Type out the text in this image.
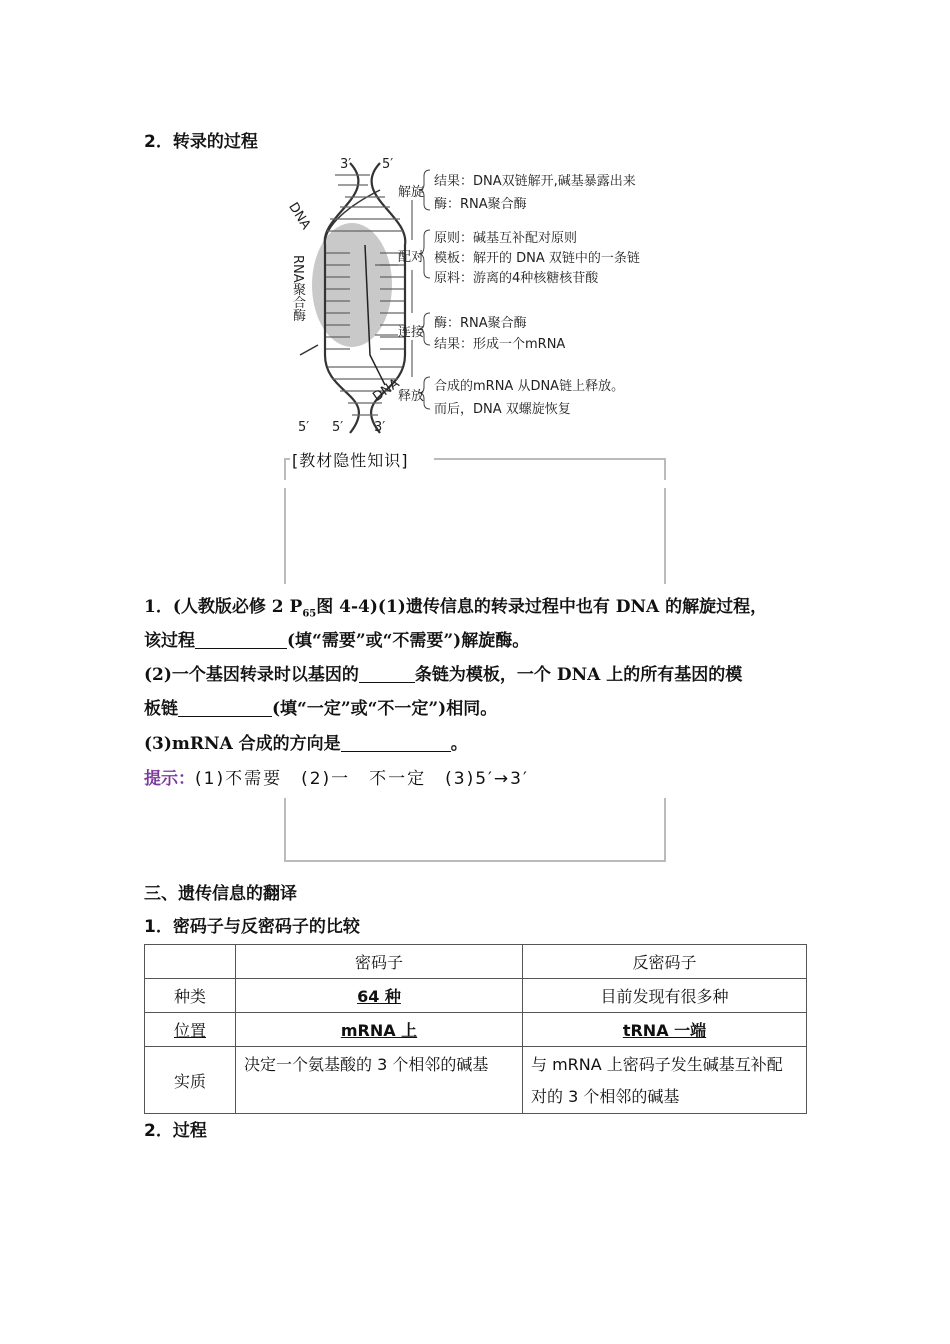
2．转录的过程
3′ 5′
5′ 5′ 3′
DNA
DNA
RNA聚合酶
解旋
结果：DNA双链解开,碱基暴露出来
酶：RNA聚合酶
配对
原则：碱基互补配对原则
模板：解开的 DNA 双链中的一条链
原料：游离的4种核糖核苷酸
连接
酶：RNA聚合酶
结果：形成一个mRNA
释放
合成的mRNA 从DNA链上释放。
而后，DNA 双螺旋恢复
[教材隐性知识]
1．(人教版必修 2 $P_{65}$图 4-4)(1)遗传信息的转录过程中也有 DNA 的解旋过程，
该过程	(填“需要”或“不需要”)解旋酶。
(2)一个基因转录时以基因的	条链为模板，一个 DNA 上的所有基因的模
板链	(填“一定”或“不一定”)相同。
(3)mRNA 合成的方向是	。
提示：(1)不需要　(2)一　不一定　(3)5′→3′
三、遗传信息的翻译
1．密码子与反密码子的比较
	密码子	反密码子
种类	64 种	目前发现有很多种
位置	mRNA 上	tRNA 一端
实质	决定一个氨基酸的 3 个相邻的碱基	与 mRNA 上密码子发生碱基互补配对的 3 个相邻的碱基
2．过程
